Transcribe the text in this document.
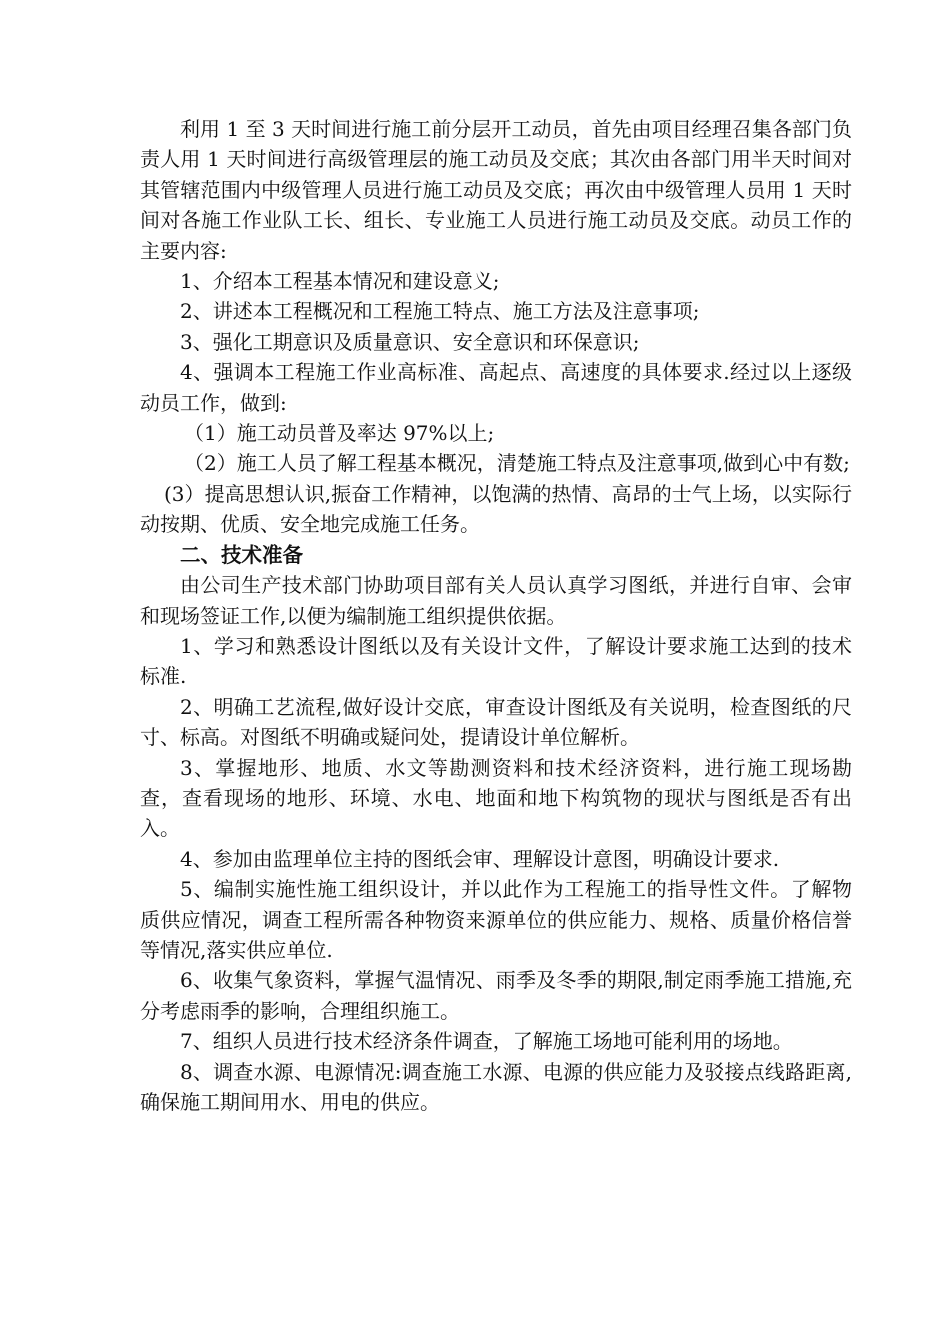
利用 1 至 3 天时间进行施工前分层开工动员，首先由项目经理召集各部门负责人用 1 天时间进行高级管理层的施工动员及交底；其次由各部门用半天时间对其管辖范围内中级管理人员进行施工动员及交底；再次由中级管理人员用 1 天时间对各施工作业队工长、组长、专业施工人员进行施工动员及交底。动员工作的主要内容:

1、介绍本工程基本情况和建设意义;

2、讲述本工程概况和工程施工特点、施工方法及注意事项;

3、强化工期意识及质量意识、安全意识和环保意识;

4、强调本工程施工作业高标准、高起点、高速度的具体要求.经过以上逐级动员工作，做到:

（1）施工动员普及率达 97%以上;

（2）施工人员了解工程基本概况，清楚施工特点及注意事项,做到心中有数;

(3）提高思想认识,振奋工作精神，以饱满的热情、高昂的士气上场，以实际行动按期、优质、安全地完成施工任务。

二、技术准备

由公司生产技术部门协助项目部有关人员认真学习图纸，并进行自审、会审和现场签证工作,以便为编制施工组织提供依据。

1、学习和熟悉设计图纸以及有关设计文件，了解设计要求施工达到的技术标准.

2、明确工艺流程,做好设计交底，审查设计图纸及有关说明，检查图纸的尺寸、标高。对图纸不明确或疑问处，提请设计单位解析。

3、掌握地形、地质、水文等勘测资料和技术经济资料，进行施工现场勘查，查看现场的地形、环境、水电、地面和地下构筑物的现状与图纸是否有出入。

4、参加由监理单位主持的图纸会审、理解设计意图，明确设计要求.

5、编制实施性施工组织设计，并以此作为工程施工的指导性文件。了解物质供应情况，调查工程所需各种物资来源单位的供应能力、规格、质量价格信誉等情况,落实供应单位.

6、收集气象资料，掌握气温情况、雨季及冬季的期限,制定雨季施工措施,充分考虑雨季的影响，合理组织施工。

7、组织人员进行技术经济条件调查，了解施工场地可能利用的场地。

8、调查水源、电源情况:调查施工水源、电源的供应能力及驳接点线路距离,确保施工期间用水、用电的供应。
